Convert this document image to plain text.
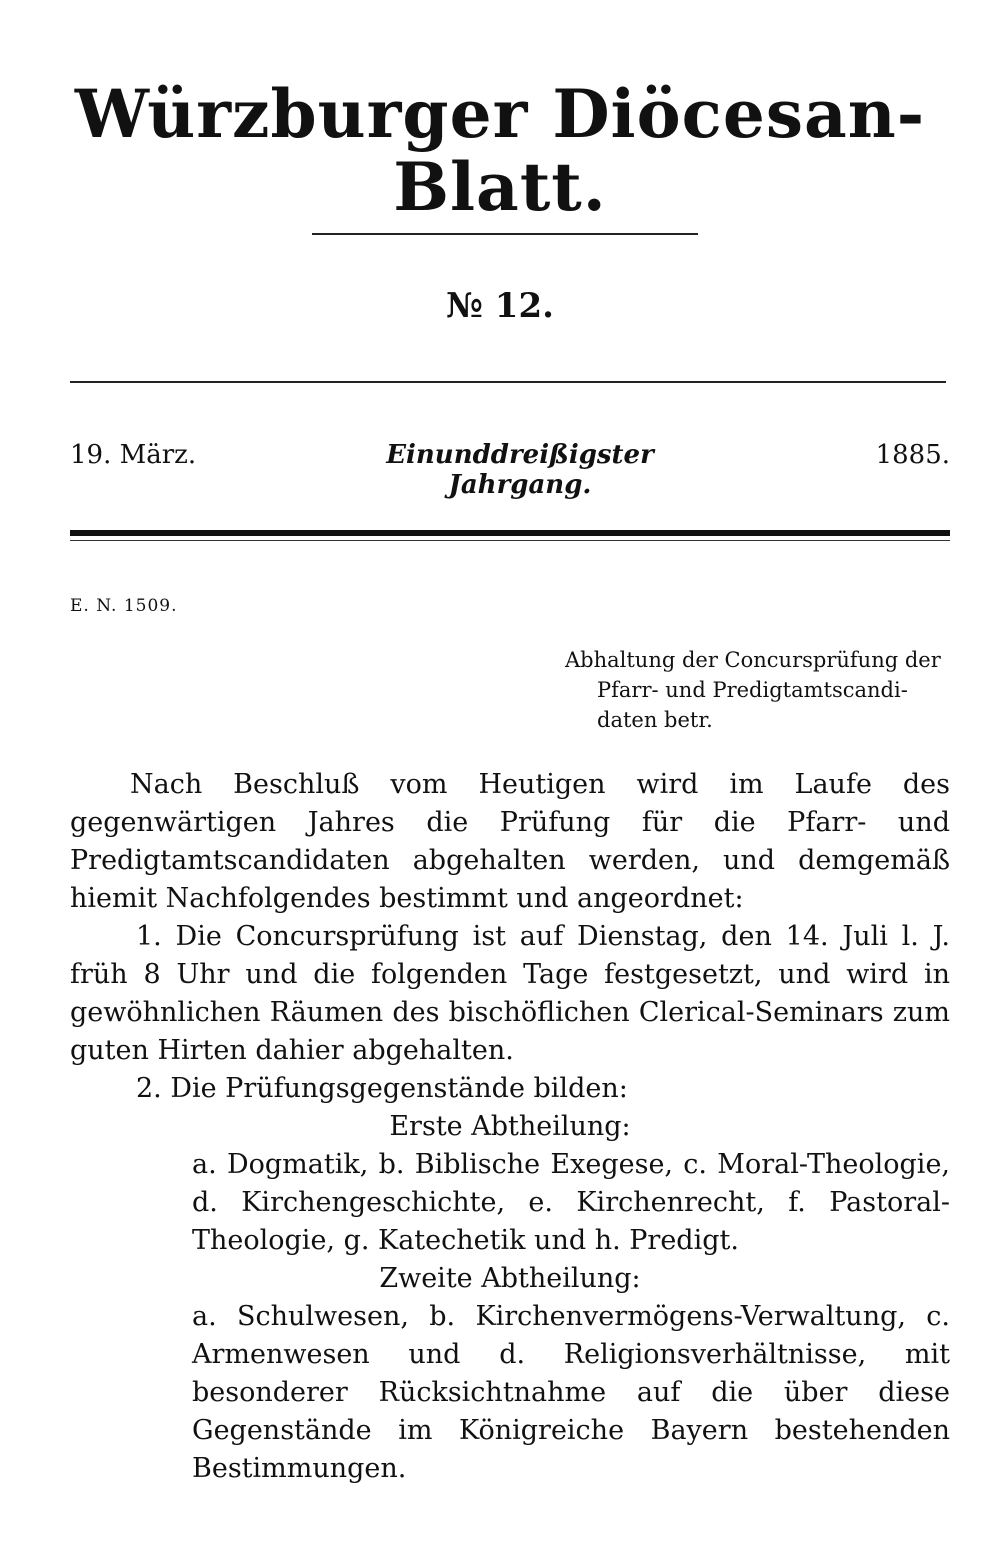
Würzburger Diöcesan-Blatt.
№ 12.
19. März.	Einunddreißigster Jahrgang.
1885.
E. N. 1509.
Abhaltung der Concursprüfung der
Pfarr- und Predigtamtscandi-
daten betr.

Nach Beschluß vom Heutigen wird im Laufe des gegenwärtigen Jahres die Prüfung für die Pfarr- und Predigtamtscandidaten abgehalten werden, und demgemäß hiemit Nachfolgendes bestimmt und angeordnet:

1. Die Concursprüfung ist auf Dienstag, den 14. Juli l. J. früh 8 Uhr und die folgenden Tage festgesetzt, und wird in gewöhnlichen Räumen des bischöflichen Clerical-Seminars zum guten Hirten dahier abgehalten.

2. Die Prüfungsgegenstände bilden:

Erste Abtheilung:

a. Dogmatik, b. Biblische Exegese, c. Moral-Theologie, d. Kirchengeschichte, e. Kirchenrecht, f. Pastoral-Theologie, g. Katechetik und h. Predigt.

Zweite Abtheilung:

a. Schulwesen, b. Kirchenvermögens-Verwaltung, c. Armenwesen und d. Religionsverhältnisse, mit besonderer Rücksichtnahme auf die über diese Gegenstände im Königreiche Bayern bestehenden Bestimmungen.
